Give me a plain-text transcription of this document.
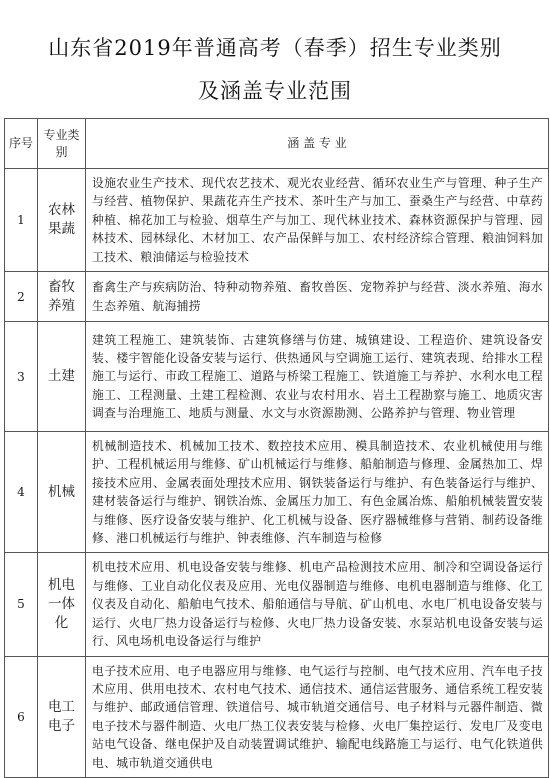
山东省2019年普通高考（春季）招生专业类别
及涵盖专业范围
序号	专业类别	涵 盖 专 业
1	农林果蔬	设施农业生产技术、现代农艺技术、观光农业经营、循环农业生产与管理、种子生产与经营、植物保护、果蔬花卉生产技术、茶叶生产与加工、蚕桑生产与经营、中草药种植、棉花加工与检验、烟草生产与加工、现代林业技术、森林资源保护与管理、园林技术、园林绿化、木材加工、农产品保鲜与加工、农村经济综合管理、粮油饲料加工技术、粮油储运与检验技术
2	畜牧养殖	畜禽生产与疾病防治、特种动物养殖、畜牧兽医、宠物养护与经营、淡水养殖、海水生态养殖、航海捕捞
3	土建	建筑工程施工、建筑装饰、古建筑修缮与仿建、城镇建设、工程造价、建筑设备安装、楼宇智能化设备安装与运行、供热通风与空调施工运行、建筑表现、给排水工程施工与运行、市政工程施工、道路与桥梁工程施工、铁道施工与养护、水利水电工程施工、工程测量、土建工程检测、农业与农村用水、岩土工程勘察与施工、地质灾害调查与治理施工、地质与测量、水文与水资源勘测、公路养护与管理、物业管理
4	机械	机械制造技术、机械加工技术、数控技术应用、模具制造技术、农业机械使用与维护、工程机械运用与维修、矿山机械运行与维修、船舶制造与修理、金属热加工、焊接技术应用、金属表面处理技术应用、钢铁装备运行与维护、有色装备运行与维护、建材装备运行与维护、钢铁冶炼、金属压力加工、有色金属冶炼、船舶机械装置安装与维修、医疗设备安装与维护、化工机械与设备、医疗器械维修与营销、制药设备维修、港口机械运行与维护、钟表维修、汽车制造与检修
5	机电一体化	机电技术应用、机电设备安装与维修、机电产品检测技术应用、制冷和空调设备运行与维修、工业自动化仪表及应用、光电仪器制造与维修、电机电器制造与维修、化工仪表及自动化、船舶电气技术、船舶通信与导航、矿山机电、水电厂机电设备安装与运行、火电厂热力设备运行与检修、火电厂热力设备安装、水泵站机电设备安装与运行、风电场机电设备运行与维护
6	电工电子	电子技术应用、电子电器应用与维修、电气运行与控制、电气技术应用、汽车电子技术应用、供用电技术、农村电气技术、通信技术、通信运营服务、通信系统工程安装与维护、邮政通信管理、铁道信号、城市轨道交通信号、电子材料与元器件制造、微电子技术与器件制造、火电厂热工仪表安装与检修、火电厂集控运行、发电厂及变电站电气设备、继电保护及自动装置调试维护、输配电线路施工与运行、电气化铁道供电、城市轨道交通供电
